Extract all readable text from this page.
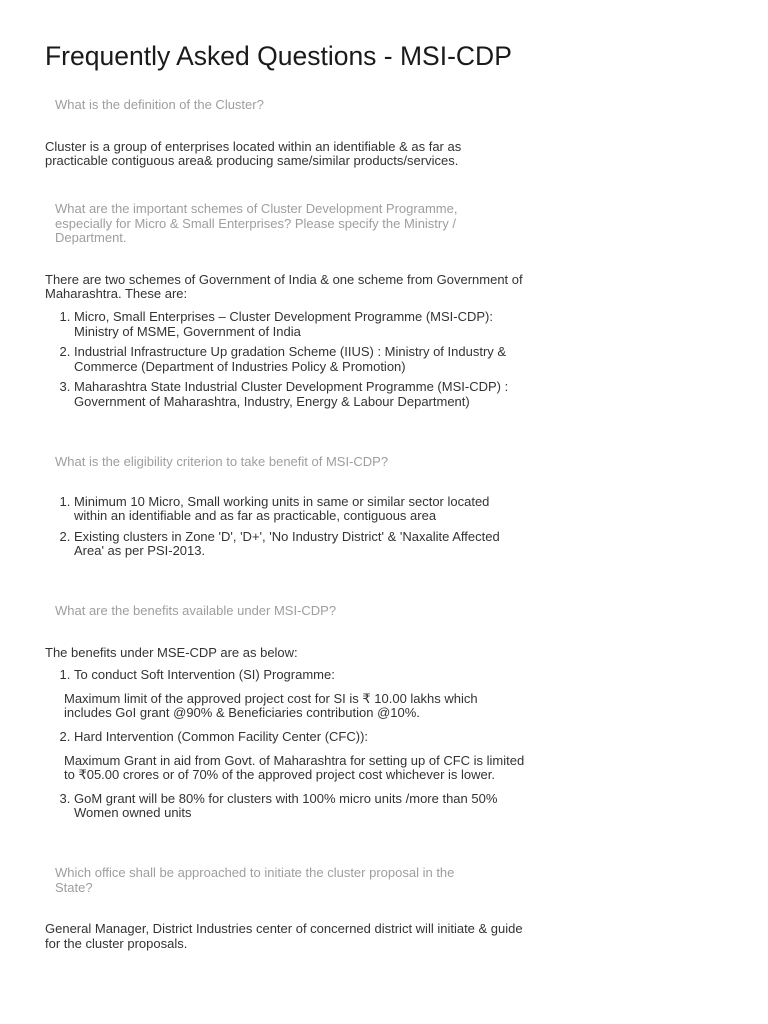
Frequently Asked Questions - MSI-CDP
What is the definition of the Cluster?

Cluster is a group of enterprises located within an identifiable & as far as practicable contiguous area& producing same/similar products/services.

What are the important schemes of Cluster Development Programme, especially for Micro & Small Enterprises? Please specify the Ministry / Department.

There are two schemes of Government of India & one scheme from Government of Maharashtra. These are:

1. Micro, Small Enterprises – Cluster Development Programme (MSI-CDP): Ministry of MSME, Government of India
2. Industrial Infrastructure Up gradation Scheme (IIUS) : Ministry of Industry & Commerce (Department of Industries Policy & Promotion)
3. Maharashtra State Industrial Cluster Development Programme (MSI-CDP) : Government of Maharashtra, Industry, Energy & Labour Department)
What is the eligibility criterion to take benefit of MSI-CDP?
1. Minimum 10 Micro, Small working units in same or similar sector located within an identifiable and as far as practicable, contiguous area
2. Existing clusters in Zone 'D', 'D+', 'No Industry District' & 'Naxalite Affected Area' as per PSI-2013.
What are the benefits available under MSI-CDP?

The benefits under MSE-CDP are as below:

1. To conduct Soft Intervention (SI) Programme:
Maximum limit of the approved project cost for SI is ₹ 10.00 lakhs which includes GoI grant @90% & Beneficiaries contribution @10%.
2. Hard Intervention (Common Facility Center (CFC)):
Maximum Grant in aid from Govt. of Maharashtra for setting up of CFC is limited to ₹05.00 crores or of 70% of the approved project cost whichever is lower.
3. GoM grant will be 80% for clusters with 100% micro units /more than 50% Women owned units
Which office shall be approached to initiate the cluster proposal in the State?

General Manager, District Industries center of concerned district will initiate & guide for the cluster proposals.
